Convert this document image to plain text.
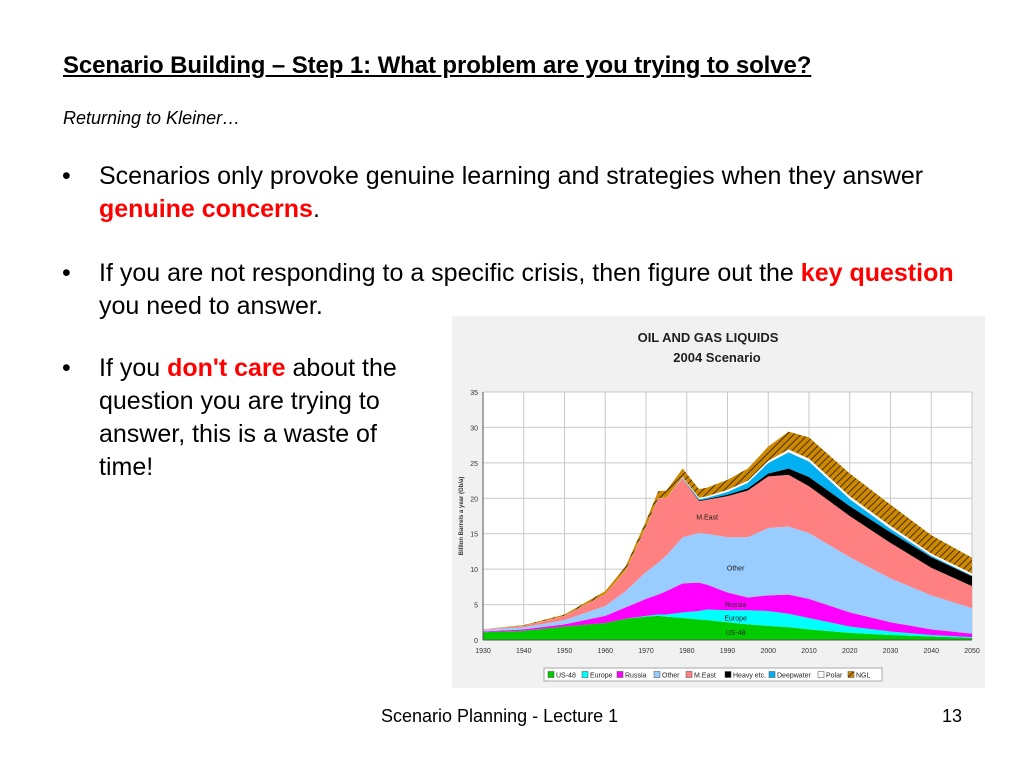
Scenario Building – Step 1: What problem are you trying to solve?
Returning to Kleiner…
• Scenarios only provoke genuine learning and strategies when they answer genuine concerns.
• If you are not responding to a specific crisis, then figure out the key question you need to answer.
• If you don't care about the question you are trying to answer, this is a waste of time!
0
5
10
15
20
25
30
35
1930	1940	1950	1960	1970	1980	1990	2000	2010	2020	2030	2040	2050
Billion Barrels a year (Gb/a)
US-48
Europe
Russia
Other
M.East
US-48 Europe Russia Other M.East Heavy etc. Deepwater Polar NGL
OIL AND GAS LIQUIDS
2004 Scenario
Scenario Planning - Lecture 1	13
